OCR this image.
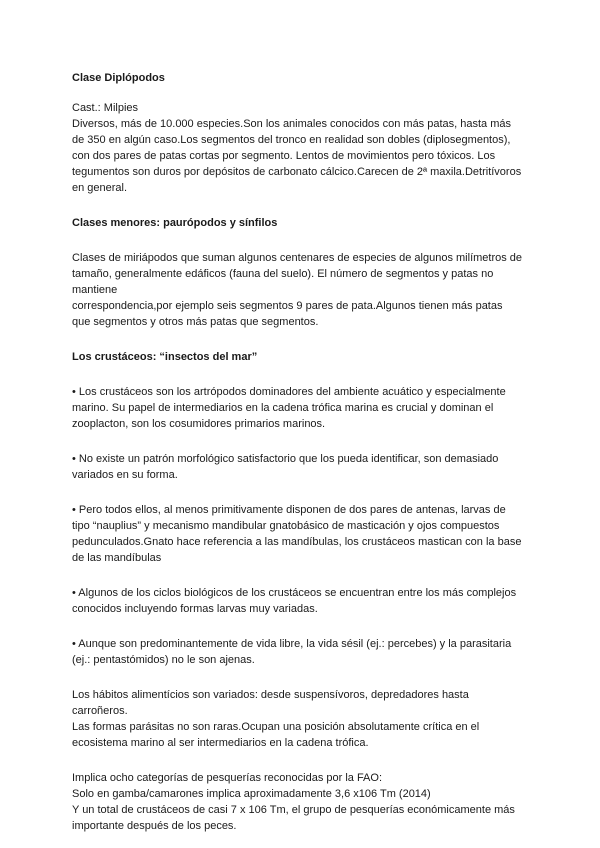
Clase Diplópodos

Cast.: Milpies
Diversos, más de 10.000 especies.Son los animales conocidos con más patas, hasta más
de 350 en algún caso.Los segmentos del tronco en realidad son dobles (diplosegmentos),
con dos pares de patas cortas por segmento. Lentos de movimientos pero tóxicos. Los
tegumentos son duros por depósitos de carbonato cálcico.Carecen de 2ª maxila.Detritívoros
en general.

Clases menores: paurópodos y sínfilos

Clases de miriápodos que suman algunos centenares de especies de algunos milímetros de
tamaño, generalmente edáficos (fauna del suelo). El número de segmentos y patas no
mantiene
correspondencia,por ejemplo seis segmentos 9 pares de pata.Algunos tienen más patas
que segmentos y otros más patas que segmentos.

Los crustáceos: “insectos del mar”

• Los crustáceos son los artrópodos dominadores del ambiente acuático y especialmente
marino. Su papel de intermediarios en la cadena trófica marina es crucial y dominan el
zooplacton, son los cosumidores primarios marinos.

• No existe un patrón morfológico satisfactorio que los pueda identificar, son demasiado
variados en su forma.

• Pero todos ellos, al menos primitivamente disponen de dos pares de antenas, larvas de
tipo “nauplius” y mecanismo mandibular gnatobásico de masticación y ojos compuestos
pedunculados.Gnato hace referencia a las mandíbulas, los crustáceos mastican con la base
de las mandíbulas

• Algunos de los ciclos biológicos de los crustáceos se encuentran entre los más complejos
conocidos incluyendo formas larvas muy variadas.

• Aunque son predominantemente de vida libre, la vida sésil (ej.: percebes) y la parasitaria
(ej.: pentastómidos) no le son ajenas.

Los hábitos alimentícios son variados: desde suspensívoros, depredadores hasta
carroñeros.
Las formas parásitas no son raras.Ocupan una posición absolutamente crítica en el
ecosistema marino al ser intermediarios en la cadena trófica.

Implica ocho categorías de pesquerías reconocidas por la FAO:
Solo en gamba/camarones implica aproximadamente 3,6 x106 Tm (2014)
Y un total de crustáceos de casi 7 x 106 Tm, el grupo de pesquerías económicamente más
importante después de los peces.
